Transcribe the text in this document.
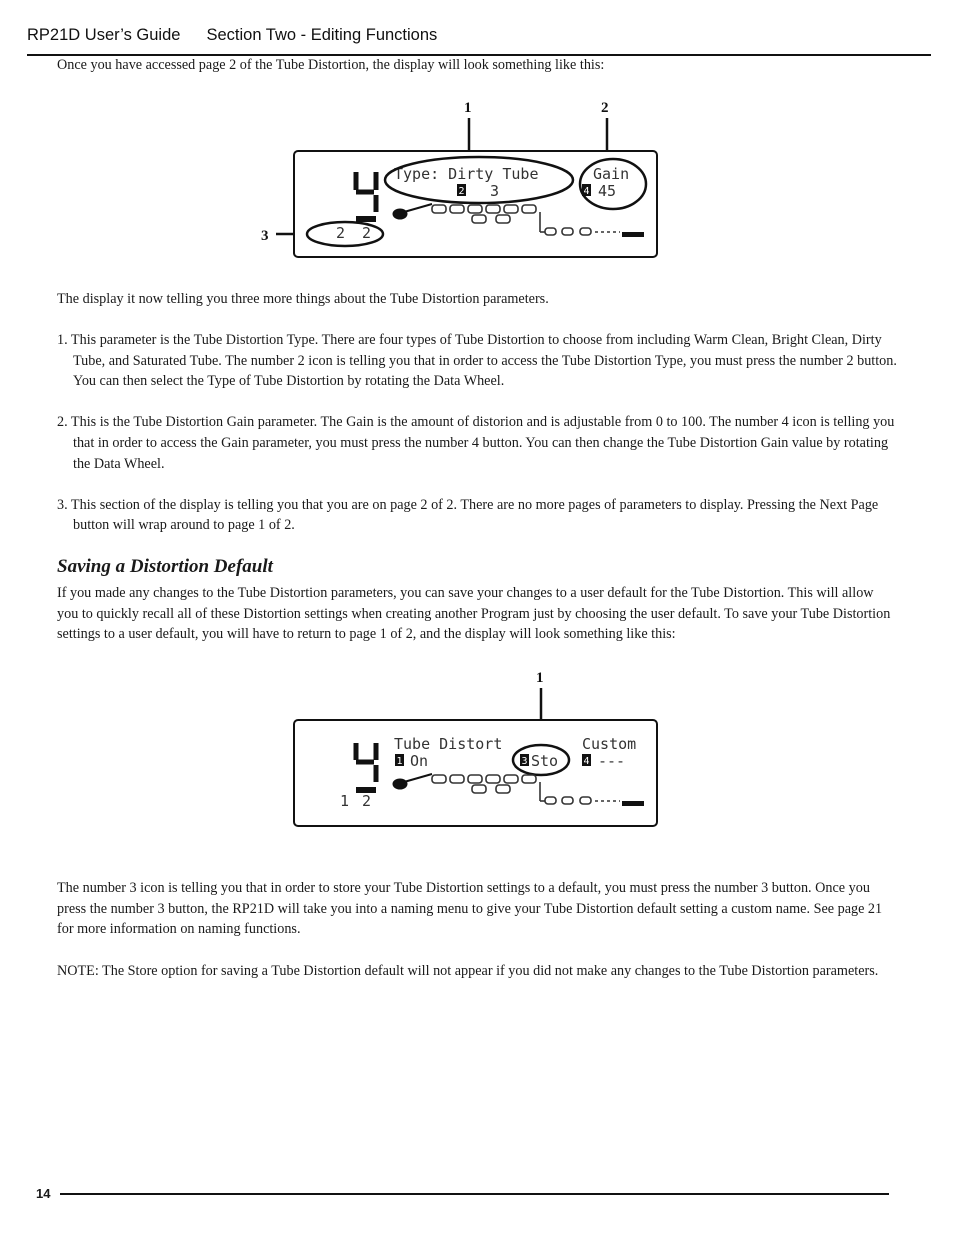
RP21D User’s Guide Section Two - Editing Functions
Once you have accessed page 2 of the Tube Distortion, the display will look something like this:
1	2
3
Type: Dirty Tube	Gain
2 3	4 45
2 2
The display it now telling you three more things about the Tube Distortion parameters.
1. This parameter is the Tube Distortion Type. There are four types of Tube Distortion to choose from including Warm Clean, Bright Clean, Dirty Tube, and Saturated Tube. The number 2 icon is telling you that in order to access the Tube Distortion Type, you must press the number 2 button. You can then select the Type of Tube Distortion by rotating the Data Wheel.
2. This is the Tube Distortion Gain parameter. The Gain is the amount of distorion and is adjustable from 0 to 100. The number 4 icon is telling you that in order to access the Gain parameter, you must press the number 4 button. You can then change the Tube Distortion Gain value by rotating the Data Wheel.
3. This section of the display is telling you that you are on page 2 of 2. There are no more pages of parameters to display. Pressing the Next Page button will wrap around to page 1 of 2.
Saving a Distortion Default
If you made any changes to the Tube Distortion parameters, you can save your changes to a user default for the Tube Distortion. This will allow you to quickly recall all of these Distortion settings when creating another Program just by choosing the user default. To save your Tube Distortion settings to a user default, you will have to return to page 1 of 2, and the display will look something like this:
1
Tube Distort	Custom
1 On	3 Sto	4 ---
1 2
The number 3 icon is telling you that in order to store your Tube Distortion settings to a default, you must press the number 3 button. Once you press the number 3 button, the RP21D will take you into a naming menu to give your Tube Distortion default setting a custom name. See page 21 for more information on naming functions.
NOTE: The Store option for saving a Tube Distortion default will not appear if you did not make any changes to the Tube Distortion parameters.
14
